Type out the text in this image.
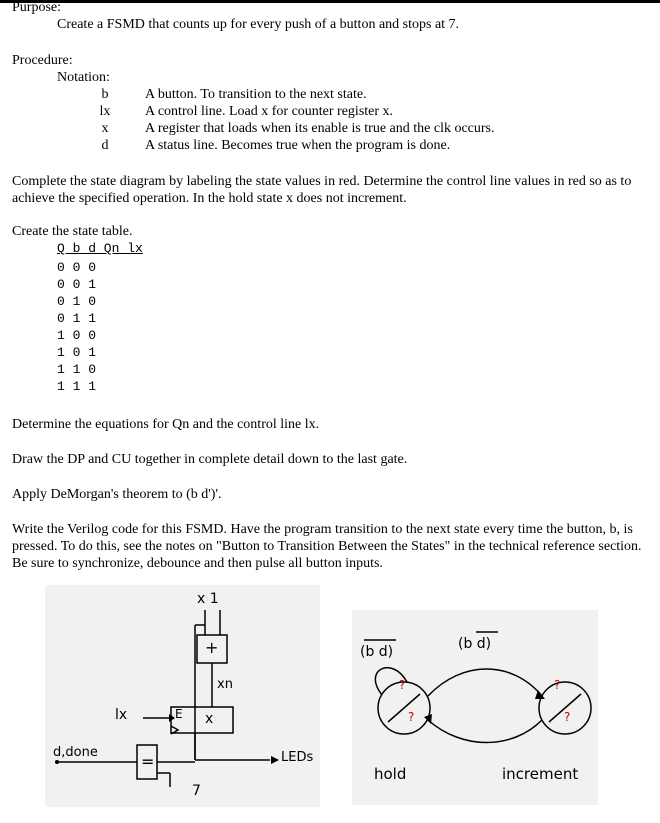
Purpose:
Create a FSMD that counts up for every push of a button and stops at 7.
Procedure:
Notation:
b	A button. To transition to the next state.
lx	A control line. Load x for counter register x.
x	A register that loads when its enable is true and the clk occurs.
d	A status line. Becomes true when the program is done.
Complete the state diagram by labeling the state values in red. Determine the control line values in red so as to achieve the specified operation. In the hold state x does not increment.
Create the state table.
Q b d Qn lx
0 0 0
0 0 1
0 1 0
0 1 1
1 0 0
1 0 1
1 1 0
1 1 1
Determine the equations for Qn and the control line lx.
Draw the DP and CU together in complete detail down to the last gate.
Apply DeMorgan's theorem to (b d')'.
Write the Verilog code for this FSMD. Have the program transition to the next state every time the button, b, is pressed. To do this, see the notes on "Button to Transition Between the States" in the technical reference section. Be sure to synchronize, debounce and then pulse all button inputs.
x 1
+
xn
lx	E x
d,done	=
7
LEDs
(b d)	(b d)
?
?
?
?
hold	increment
